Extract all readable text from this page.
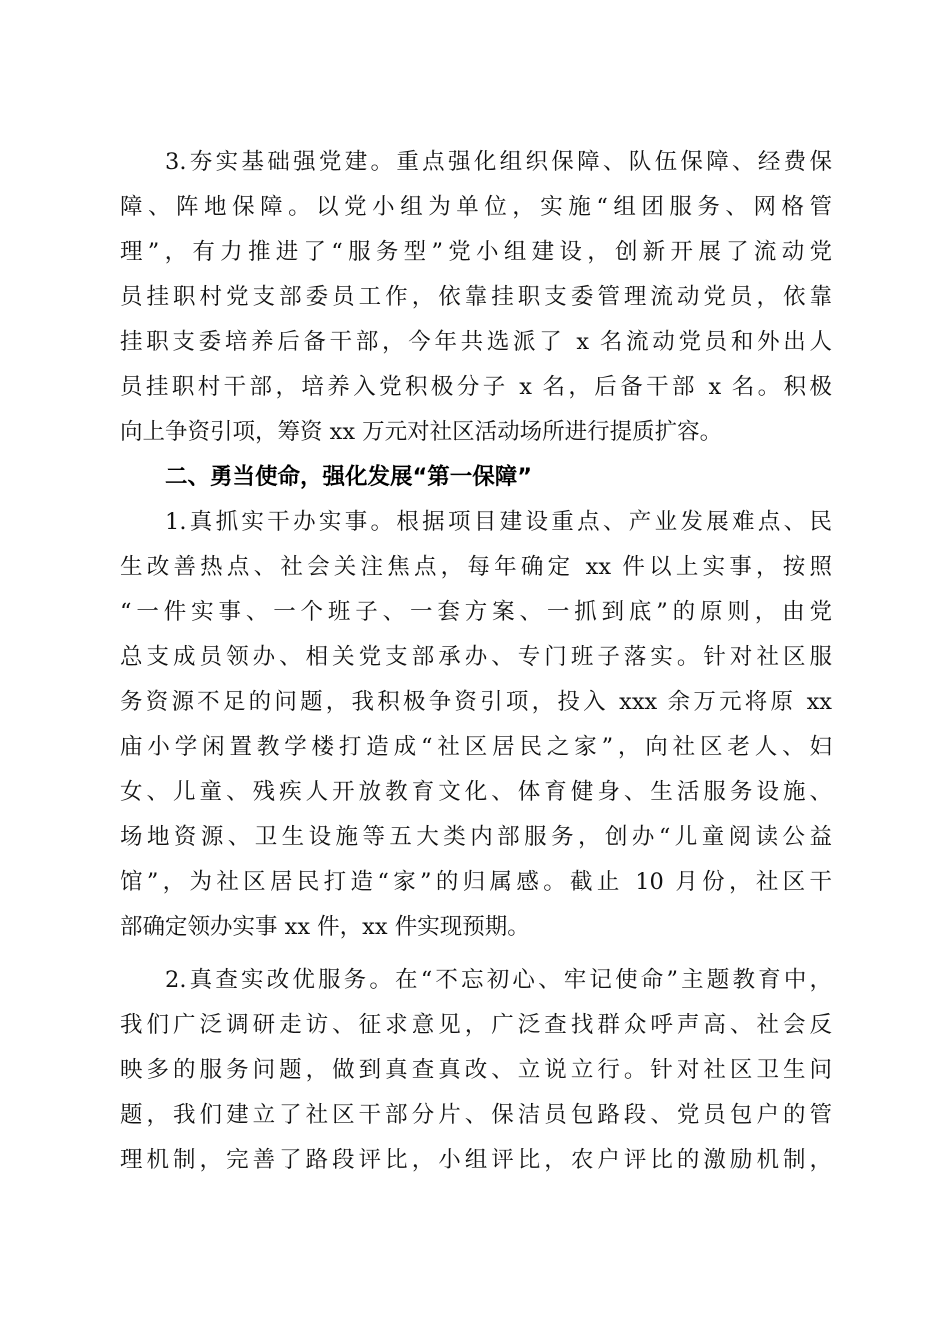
3.夯实基础强党建。重点强化组织保障、队伍保障、经费保
障、阵地保障。以党小组为单位，实施“组团服务、网格管
理”，有力推进了“服务型”党小组建设，创新开展了流动党
员挂职村党支部委员工作，依靠挂职支委管理流动党员，依靠
挂职支委培养后备干部，今年共选派了 x 名流动党员和外出人
员挂职村干部，培养入党积极分子 x 名，后备干部 x 名。积极
向上争资引项，筹资 xx 万元对社区活动场所进行提质扩容。
二、勇当使命，强化发展“第一保障”
1.真抓实干办实事。根据项目建设重点、产业发展难点、民
生改善热点、社会关注焦点，每年确定 xx 件以上实事，按照
“一件实事、一个班子、一套方案、一抓到底”的原则，由党
总支成员领办、相关党支部承办、专门班子落实。针对社区服
务资源不足的问题，我积极争资引项，投入 xxx 余万元将原 xx
庙小学闲置教学楼打造成“社区居民之家”，向社区老人、妇
女、儿童、残疾人开放教育文化、体育健身、生活服务设施、
场地资源、卫生设施等五大类内部服务，创办“儿童阅读公益
馆”，为社区居民打造“家”的归属感。截止 10 月份，社区干
部确定领办实事 xx 件，xx 件实现预期。
2.真查实改优服务。在“不忘初心、牢记使命”主题教育中，
我们广泛调研走访、征求意见，广泛查找群众呼声高、社会反
映多的服务问题，做到真查真改、立说立行。针对社区卫生问
题，我们建立了社区干部分片、保洁员包路段、党员包户的管
理机制，完善了路段评比，小组评比，农户评比的激励机制，
